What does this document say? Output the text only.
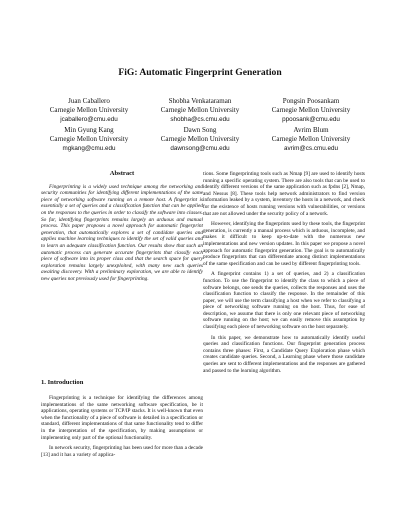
FiG: Automatic Fingerprint Generation
Juan Caballero
Carnegie Mellon University
jcaballero@cmu.edu
Shobha Venkataraman
Carnegie Mellon University
shobha@cs.cmu.edu
Pongsin Poosankam
Carnegie Mellon University
ppoosank@cmu.edu
Min Gyung Kang
Carnegie Mellon University
mgkang@cmu.edu
Dawn Song
Carnegie Mellon University
dawnsong@cmu.edu
Avrim Blum
Carnegie Mellon University
avrim@cs.cmu.edu
Abstract

Fingerprinting is a widely used technique among the networking and security communities for identifying different implementations of the same piece of networking software running on a remote host. A fingerprint is essentially a set of queries and a classification function that can be applied on the responses to the queries in order to classify the software into classes. So far, identifying fingerprints remains largely an arduous and manual process. This paper proposes a novel approach for automatic fingerprint generation, that automatically explores a set of candidate queries and applies machine learning techniques to identify the set of valid queries and to learn an adequate classification function. Our results show that such an automatic process can generate accurate fingerprints that classify each piece of software into its proper class and that the search space for query exploration remains largely unexploited, with many new such queries awaiting discovery. With a preliminary exploration, we are able to identify new queries not previously used for fingerprinting.

1. Introduction

Fingerprinting is a technique for identifying the differences among implementations of the same networking software specification, be it applications, operating systems or TCP/IP stacks. It is well-known that even when the functionality of a piece of software is detailed in a specification or standard, different implementations of that same functionality tend to differ in the interpretation of the specification, by making assumptions or implementing only part of the optional functionality.

In network security, fingerprinting has been used for more than a decade [13] and it has a variety of applica-

tions. Some fingerprinting tools such as Nmap [9] are used to identify hosts running a specific operating system. There are also tools that can be used to identify different versions of the same application such as fpdns [2], Nmap, and Nessus [8]. These tools help network administrators to find version information leaked by a system, inventory the hosts in a network, and check for the existence of hosts running versions with vulnerabilities, or versions that are not allowed under the security policy of a network.

However, identifying the fingerprints used by these tools, the fingerprint generation, is currently a manual process which is arduous, incomplete, and makes it difficult to keep up-to-date with the numerous new implementations and new version updates. In this paper we propose a novel approach for automatic fingerprint generation. The goal is to automatically produce fingerprints that can differentiate among distinct implementations of the same specification and can be used by different fingerprinting tools.

A fingerprint contains 1) a set of queries, and 2) a classification function. To use the fingerprint to identify the class to which a piece of software belongs, one sends the queries, collects the responses and uses the classification function to classify the response. In the remainder of this paper, we will use the term classifying a host when we refer to classifying a piece of networking software running on the host. Thus, for ease of description, we assume that there is only one relevant piece of networking software running on the host; we can easily remove this assumption by classifying each piece of networking software on the host separately.

In this paper, we demonstrate how to automatically identify useful queries and classification functions. Our fingerprint generation process contains three phases: First, a Candidate Query Exploration phase which creates candidate queries. Second, a Learning phase where those candidate queries are sent to different implementations and the responses are gathered and passed to the learning algorithm.
